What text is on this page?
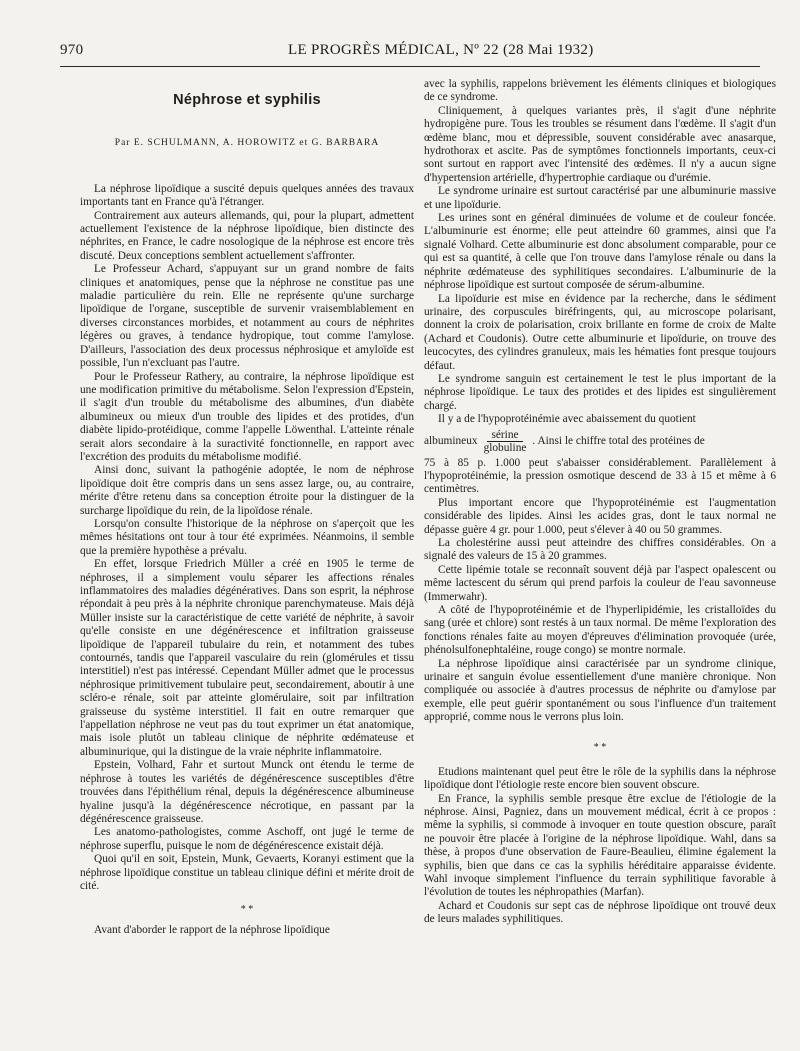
970	LE PROGRÈS MÉDICAL, Nº 22 (28 Mai 1932)
Néphrose et syphilis
Par E. SCHULMANN, A. HOROWITZ et G. BARBARA

La néphrose lipoïdique a suscité depuis quelques années des travaux importants tant en France qu'à l'étranger.

Contrairement aux auteurs allemands, qui, pour la plupart, admettent actuellement l'existence de la néphrose lipoïdique, bien distincte des néphrites, en France, le cadre nosologique de la néphrose est encore très discuté. Deux conceptions semblent actuellement s'affronter.

Le Professeur Achard, s'appuyant sur un grand nombre de faits cliniques et anatomiques, pense que la néphrose ne constitue pas une maladie particulière du rein. Elle ne représente qu'une surcharge lipoïdique de l'organe, susceptible de survenir vraisemblablement en diverses circonstances morbides, et notamment au cours de néphrites légères ou graves, à tendance hydropique, tout comme l'amylose. D'ailleurs, l'association des deux processus néphrosique et amyloïde est possible, l'un n'excluant pas l'autre.

Pour le Professeur Rathery, au contraire, la néphrose lipoïdique est une modification primitive du métabolisme. Selon l'expression d'Epstein, il s'agit d'un trouble du métabolisme des albumines, d'un diabète albumineux ou mieux d'un trouble des lipides et des protides, d'un diabète lipido-protéidique, comme l'appelle Löwenthal. L'atteinte rénale serait alors secondaire à la suractivité fonctionnelle, en rapport avec l'excrétion des produits du métabolisme modifié.

Ainsi donc, suivant la pathogénie adoptée, le nom de néphrose lipoïdique doit être compris dans un sens assez large, ou, au contraire, mérite d'être retenu dans sa conception étroite pour la distinguer de la surcharge lipoïdique du rein, de la lipoïdose rénale.

Lorsqu'on consulte l'historique de la néphrose on s'aperçoit que les mêmes hésitations ont tour à tour été exprimées. Néanmoins, il semble que la première hypothèse a prévalu.

En effet, lorsque Friedrich Müller a créé en 1905 le terme de néphroses, il a simplement voulu séparer les affections rénales inflammatoires des maladies dégénératives. Dans son esprit, la néphrose répondait à peu près à la néphrite chronique parenchymateuse. Mais déjà Müller insiste sur la caractéristique de cette variété de néphrite, à savoir qu'elle consiste en une dégénérescence et infiltration graisseuse lipoïdique de l'appareil tubulaire du rein, et notamment des tubes contournés, tandis que l'appareil vasculaire du rein (glomérules et tissu interstitiel) n'est pas intéressé. Cependant Müller admet que le processus néphrosique primitivement tubulaire peut, secondairement, aboutir à une scléro-e rénale, soit par atteinte glomérulaire, soit par infiltration graisseuse du système interstitiel. Il fait en outre remarquer que l'appellation néphrose ne veut pas du tout exprimer un état anatomique, mais isole plutôt un tableau clinique de néphrite œdémateuse et albuminurique, qui la distingue de la vraie néphrite inflammatoire.

Epstein, Volhard, Fahr et surtout Munck ont étendu le terme de néphrose à toutes les variétés de dégénérescence susceptibles d'être trouvées dans l'épithélium rénal, depuis la dégénérescence albumineuse hyaline jusqu'à la dégénérescence nécrotique, en passant par la dégénérescence graisseuse.

Les anatomo-pathologistes, comme Aschoff, ont jugé le terme de néphrose superflu, puisque le nom de dégénérescence existait déjà.

Quoi qu'il en soit, Epstein, Munk, Gevaerts, Koranyi estiment que la néphrose lipoïdique constitue un tableau clinique défini et mérite droit de cité.

* *

Avant d'aborder le rapport de la néphrose lipoïdique

avec la syphilis, rappelons brièvement les éléments cliniques et biologiques de ce syndrome.

Cliniquement, à quelques variantes près, il s'agit d'une néphrite hydropigène pure. Tous les troubles se résument dans l'œdème. Il s'agit d'un œdème blanc, mou et dépressible, souvent considérable avec anasarque, hydrothorax et ascite. Pas de symptômes fonctionnels importants, ceux-ci sont surtout en rapport avec l'intensité des œdèmes. Il n'y a aucun signe d'hypertension artérielle, d'hypertrophie cardiaque ou d'urémie.

Le syndrome urinaire est surtout caractérisé par une albuminurie massive et une lipoïdurie.

Les urines sont en général diminuées de volume et de couleur foncée. L'albuminurie est énorme; elle peut atteindre 60 grammes, ainsi que l'a signalé Volhard. Cette albuminurie est donc absolument comparable, pour ce qui est sa quantité, à celle que l'on trouve dans l'amylose rénale ou dans la néphrite œdémateuse des syphilitiques secondaires. L'albuminurie de la néphrose lipoïdique est surtout composée de sérum-albumine.

La lipoïdurie est mise en évidence par la recherche, dans le sédiment urinaire, des corpuscules biréfringents, qui, au microscope polarisant, donnent la croix de polarisation, croix brillante en forme de croix de Malte (Achard et Coudonis). Outre cette albuminurie et lipoïdurie, on trouve des leucocytes, des cylindres granuleux, mais les hématies font presque toujours défaut.

Le syndrome sanguin est certainement le test le plus important de la néphrose lipoïdique. Le taux des protides et des lipides est singulièrement chargé.

Il y a de l'hypoprotéinémie avec abaissement du quotient

albumineux $\frac{\text{sérine}}{\text{globuline}}$ . Ainsi le chiffre total des protéines de

75 à 85 p. 1.000 peut s'abaisser considérablement. Parallèlement à l'hypoprotéinémie, la pression osmotique descend de 33 à 15 et même à 6 centimètres.

Plus important encore que l'hypoprotéinémie est l'augmentation considérable des lipides. Ainsi les acides gras, dont le taux normal ne dépasse guère 4 gr. pour 1.000, peut s'élever à 40 ou 50 grammes.

La cholestérine aussi peut atteindre des chiffres considérables. On a signalé des valeurs de 15 à 20 grammes.

Cette lipémie totale se reconnaît souvent déjà par l'aspect opalescent ou même lactescent du sérum qui prend parfois la couleur de l'eau savonneuse (Immerwahr).

A côté de l'hypoprotéinémie et de l'hyperlipidémie, les cristalloïdes du sang (urée et chlore) sont restés à un taux normal. De même l'exploration des fonctions rénales faite au moyen d'épreuves d'élimination provoquée (urée, phénolsulfonephtaléine, rouge congo) se montre normale.

La néphrose lipoïdique ainsi caractérisée par un syndrome clinique, urinaire et sanguin évolue essentiellement d'une manière chronique. Non compliquée ou associée à d'autres processus de néphrite ou d'amylose par exemple, elle peut guérir spontanément ou sous l'influence d'un traitement approprié, comme nous le verrons plus loin.

* *

Etudions maintenant quel peut être le rôle de la syphilis dans la néphrose lipoïdique dont l'étiologie reste encore bien souvent obscure.

En France, la syphilis semble presque être exclue de l'étiologie de la néphrose. Ainsi, Pagniez, dans un mouvement médical, écrit à ce propos : même la syphilis, si commode à invoquer en toute question obscure, paraît ne pouvoir être placée à l'origine de la néphrose lipoïdique. Wahl, dans sa thèse, à propos d'une observation de Faure-Beaulieu, élimine également la syphilis, bien que dans ce cas la syphilis héréditaire apparaisse évidente. Wahl invoque simplement l'influence du terrain syphilitique favorable à l'évolution de toutes les néphropathies (Marfan).

Achard et Coudonis sur sept cas de néphrose lipoïdique ont trouvé deux de leurs malades syphilitiques.
